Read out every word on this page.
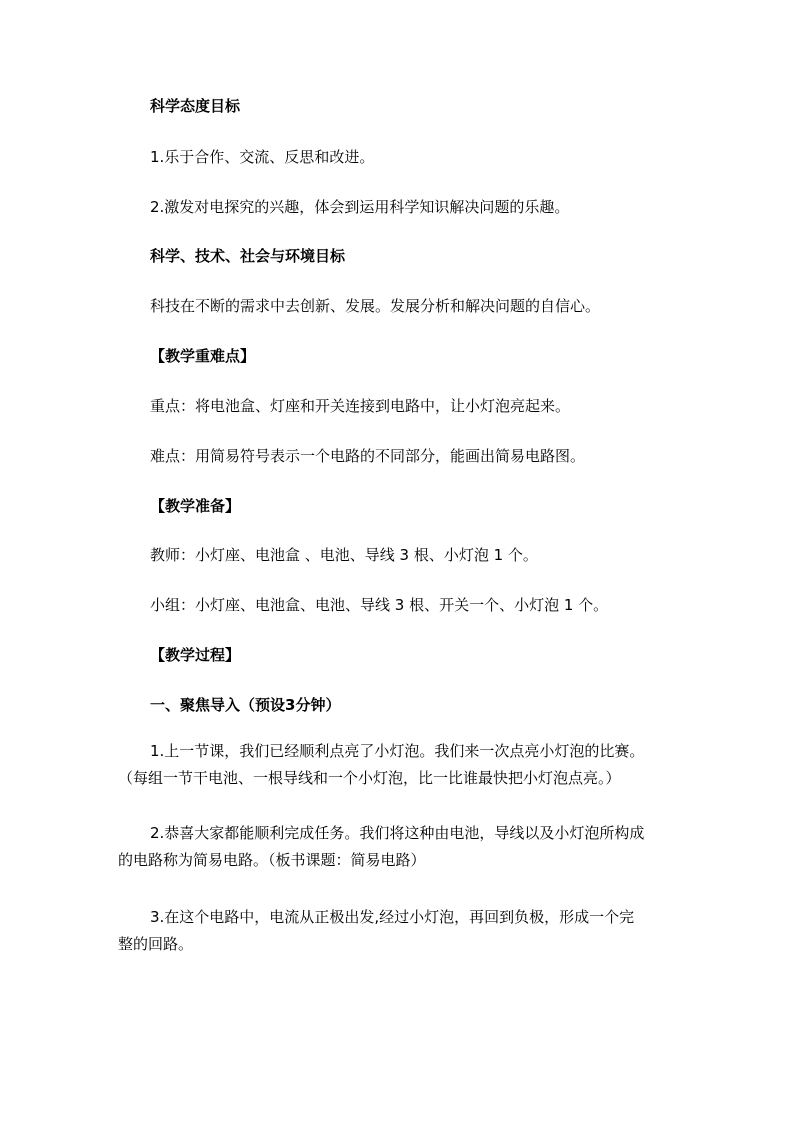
科学态度目标
1.乐于合作、交流、反思和改进。
2.激发对电探究的兴趣，体会到运用科学知识解决问题的乐趣。
科学、技术、社会与环境目标
科技在不断的需求中去创新、发展。发展分析和解决问题的自信心。
【教学重难点】
重点：将电池盒、灯座和开关连接到电路中，让小灯泡亮起来。
难点：用简易符号表示一个电路的不同部分，能画出简易电路图。
【教学准备】
教师：小灯座、电池盒 、电池、导线 3 根、小灯泡 1 个。
小组：小灯座、电池盒、电池、导线 3 根、开关一个、小灯泡 1 个。
【教学过程】
一、聚焦导入（预设3分钟）
1.上一节课，我们已经顺利点亮了小灯泡。我们来一次点亮小灯泡的比赛。
（每组一节干电池、一根导线和一个小灯泡，比一比谁最快把小灯泡点亮。）
2.恭喜大家都能顺利完成任务。我们将这种由电池，导线以及小灯泡所构成
的电路称为简易电路。（板书课题：简易电路）
3.在这个电路中，电流从正极出发,经过小灯泡，再回到负极，形成一个完
整的回路。
